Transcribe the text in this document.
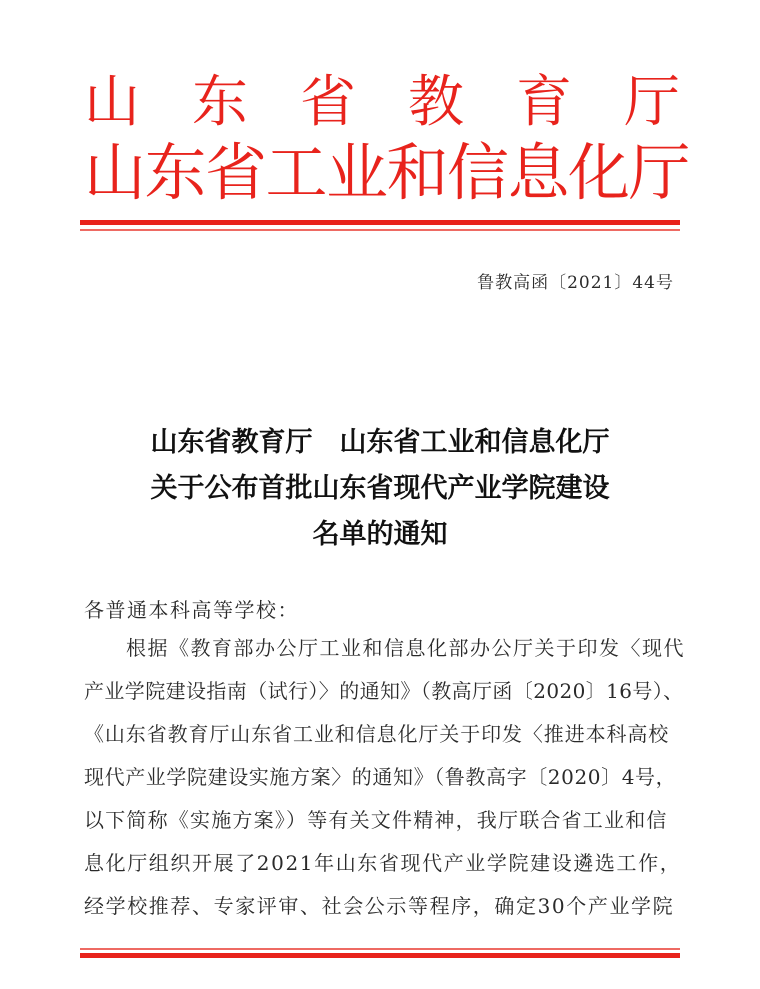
山 东 省 教 育 厅
山东省工业和信息化厅
鲁教高函〔2021〕44号
山东省教育厅　山东省工业和信息化厅
关于公布首批山东省现代产业学院建设
名单的通知
各普通本科高等学校：
根据《教育部办公厅工业和信息化部办公厅关于印发〈现代
产业学院建设指南（试行）〉的通知》（教高厅函〔2020〕16号）、
《山东省教育厅山东省工业和信息化厅关于印发〈推进本科高校
现代产业学院建设实施方案〉的通知》（鲁教高字〔2020〕4号，
以下简称《实施方案》）等有关文件精神，我厅联合省工业和信
息化厅组织开展了2021年山东省现代产业学院建设遴选工作，
经学校推荐、专家评审、社会公示等程序，确定30个产业学院
